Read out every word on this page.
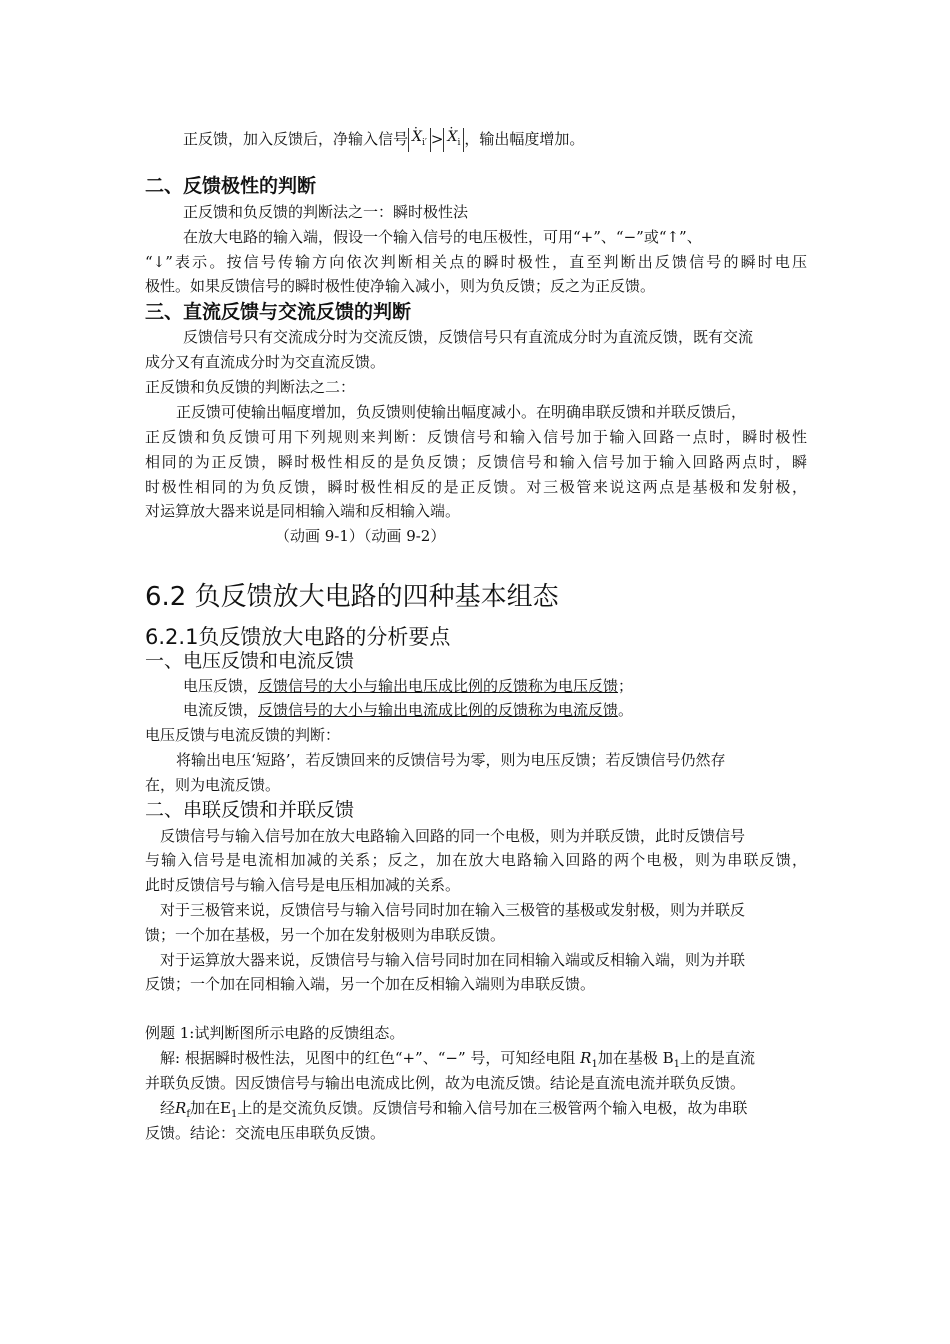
正反馈，加入反馈后，净输入信号 · $X_{i'}$ > · $X_i$ ，输出幅度增加。
二、反馈极性的判断
正反馈和负反馈的判断法之一：瞬时极性法
在放大电路的输入端，假设一个输入信号的电压极性，可用“+”、“−”或“↑”、
“↓”表示。按信号传输方向依次判断相关点的瞬时极性，直至判断出反馈信号的瞬时电压
极性。如果反馈信号的瞬时极性使净输入减小，则为负反馈；反之为正反馈。
三、直流反馈与交流反馈的判断
反馈信号只有交流成分时为交流反馈，反馈信号只有直流成分时为直流反馈，既有交流
成分又有直流成分时为交直流反馈。
正反馈和负反馈的判断法之二：
正反馈可使输出幅度增加，负反馈则使输出幅度减小。在明确串联反馈和并联反馈后，
正反馈和负反馈可用下列规则来判断：反馈信号和输入信号加于输入回路一点时，瞬时极性
相同的为正反馈，瞬时极性相反的是负反馈；反馈信号和输入信号加于输入回路两点时，瞬
时极性相同的为负反馈，瞬时极性相反的是正反馈。对三极管来说这两点是基极和发射极，
对运算放大器来说是同相输入端和反相输入端。
（动画 9-1）（动画 9-2）
6.2 负反馈放大电路的四种基本组态
6.2.1负反馈放大电路的分析要点
一、电压反馈和电流反馈
电压反馈，反馈信号的大小与输出电压成比例的反馈称为电压反馈；
电流反馈，反馈信号的大小与输出电流成比例的反馈称为电流反馈。
电压反馈与电流反馈的判断：
将输出电压‘短路’，若反馈回来的反馈信号为零，则为电压反馈；若反馈信号仍然存
在，则为电流反馈。
二、串联反馈和并联反馈
反馈信号与输入信号加在放大电路输入回路的同一个电极，则为并联反馈，此时反馈信号
与输入信号是电流相加减的关系；反之，加在放大电路输入回路的两个电极，则为串联反馈，
此时反馈信号与输入信号是电压相加减的关系。
对于三极管来说，反馈信号与输入信号同时加在输入三极管的基极或发射极，则为并联反
馈；一个加在基极，另一个加在发射极则为串联反馈。
对于运算放大器来说，反馈信号与输入信号同时加在同相输入端或反相输入端，则为并联
反馈；一个加在同相输入端，另一个加在反相输入端则为串联反馈。
例题 1:试判断图所示电路的反馈组态。
解: 根据瞬时极性法，见图中的红色“+”、“−” 号，可知经电阻 $R_1$加在基极 $B_1$上的是直流
并联负反馈。因反馈信号与输出电流成比例，故为电流反馈。结论是直流电流并联负反馈。
经$R_f$加在$E_1$上的是交流负反馈。反馈信号和输入信号加在三极管两个输入电极，故为串联
反馈。结论：交流电压串联负反馈。
